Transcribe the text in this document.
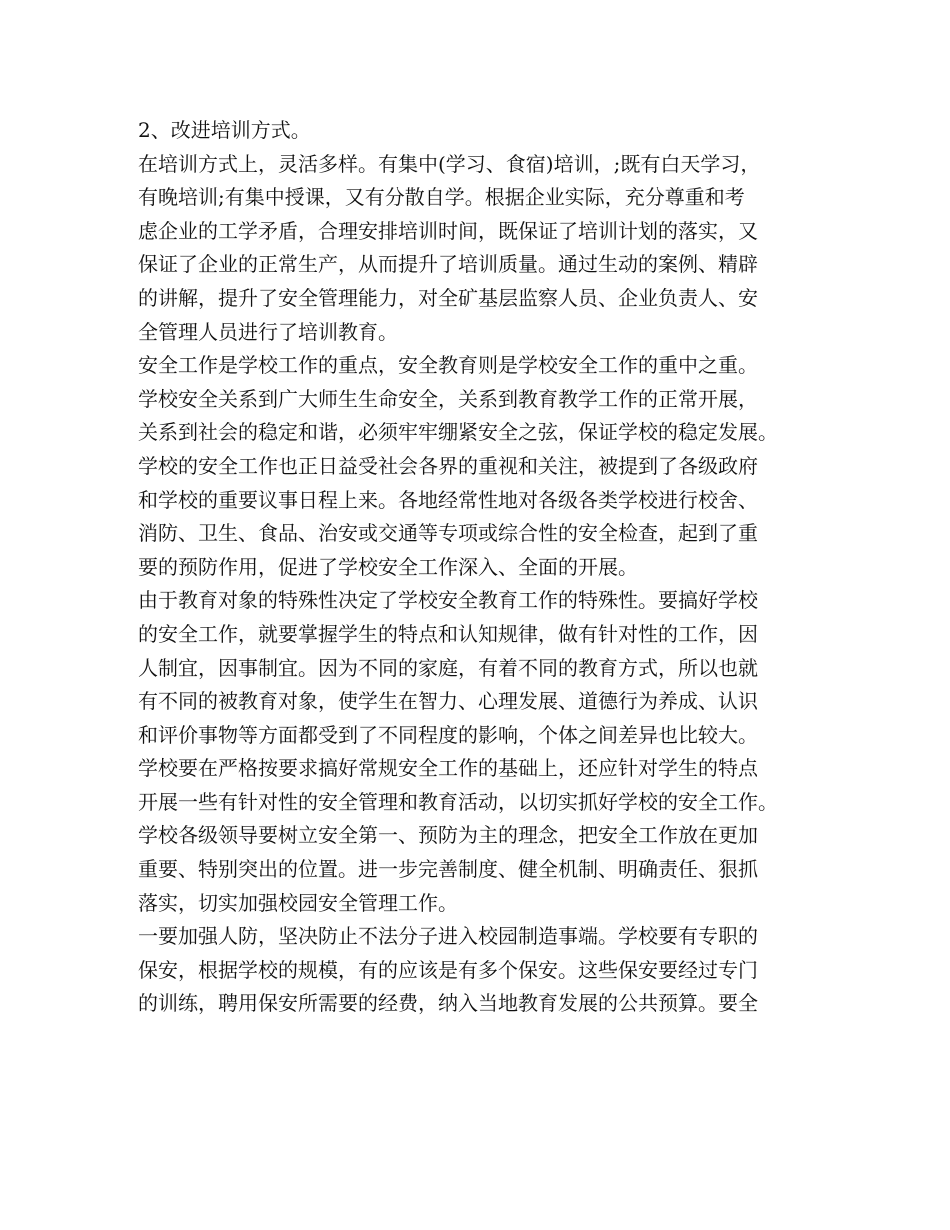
2、改进培训方式。
在培训方式上，灵活多样。有集中(学习、食宿)培训，;既有白天学习，
有晚培训;有集中授课，又有分散自学。根据企业实际，充分尊重和考
虑企业的工学矛盾，合理安排培训时间，既保证了培训计划的落实，又
保证了企业的正常生产，从而提升了培训质量。通过生动的案例、精辟
的讲解，提升了安全管理能力，对全矿基层监察人员、企业负责人、安
全管理人员进行了培训教育。
安全工作是学校工作的重点，安全教育则是学校安全工作的重中之重。
学校安全关系到广大师生生命安全，关系到教育教学工作的正常开展，
关系到社会的稳定和谐，必须牢牢绷紧安全之弦，保证学校的稳定发展。
学校的安全工作也正日益受社会各界的重视和关注，被提到了各级政府
和学校的重要议事日程上来。各地经常性地对各级各类学校进行校舍、
消防、卫生、食品、治安或交通等专项或综合性的安全检查，起到了重
要的预防作用，促进了学校安全工作深入、全面的开展。
由于教育对象的特殊性决定了学校安全教育工作的特殊性。要搞好学校
的安全工作，就要掌握学生的特点和认知规律，做有针对性的工作，因
人制宜，因事制宜。因为不同的家庭，有着不同的教育方式，所以也就
有不同的被教育对象，使学生在智力、心理发展、道德行为养成、认识
和评价事物等方面都受到了不同程度的影响，个体之间差异也比较大。
学校要在严格按要求搞好常规安全工作的基础上，还应针对学生的特点
开展一些有针对性的安全管理和教育活动，以切实抓好学校的安全工作。
学校各级领导要树立安全第一、预防为主的理念，把安全工作放在更加
重要、特别突出的位置。进一步完善制度、健全机制、明确责任、狠抓
落实，切实加强校园安全管理工作。
一要加强人防，坚决防止不法分子进入校园制造事端。学校要有专职的
保安，根据学校的规模，有的应该是有多个保安。这些保安要经过专门
的训练，聘用保安所需要的经费，纳入当地教育发展的公共预算。要全
